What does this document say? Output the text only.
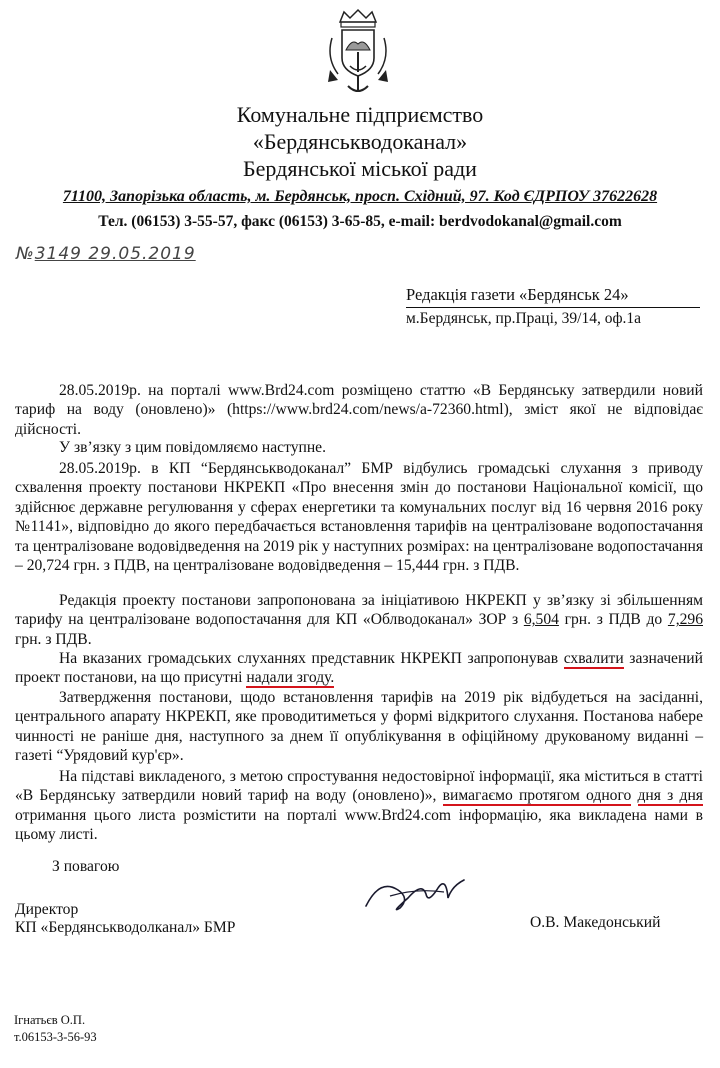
Комунальне підприємство
«Бердянськводоканал»
Бердянської міської ради
71100, Запорізька область, м. Бердянськ, просп. Східний, 97. Код ЄДРПОУ 37622628
Тел. (06153) 3-55-57, факс (06153) 3-65-85, e-mail: berdvodokanal@gmail.com
№3149 29.05.2019
Редакція газети «Бердянськ 24»
м.Бердянськ, пр.Праці, 39/14, оф.1а

28.05.2019р. на порталі www.Brd24.com розміщено статтю «В Бердянську затвердили новий тариф на воду (оновлено)» (https://www.brd24.com/news/a-72360.html), зміст якої не відповідає дійсності.

У зв’язку з цим повідомляємо наступне.

28.05.2019р. в КП “Бердянськводоканал” БМР відбулись громадські слухання з приводу схвалення проекту постанови НКРЕКП «Про внесення змін до постанови Національної комісії, що здійснює державне регулювання у сферах енергетики та комунальних послуг від 16 червня 2016 року №1141», відповідно до якого передбачається встановлення тарифів на централізоване водопостачання та централізоване водовідведення на 2019 рік у наступних розмірах: на централізоване водопостачання – 20,724 грн. з ПДВ, на централізоване водовідведення – 15,444 грн. з ПДВ.

Редакція проекту постанови запропонована за ініціативою НКРЕКП у зв’язку зі збільшенням тарифу на централізоване водопостачання для КП «Облводоканал» ЗОР з 6,504 грн. з ПДВ до 7,296 грн. з ПДВ.

На вказаних громадських слуханнях представник НКРЕКП запропонував схвалити зазначений проект постанови, на що присутні надали згоду.

Затвердження постанови, щодо встановлення тарифів на 2019 рік відбудеться на засіданні, центрального апарату НКРЕКП, яке проводитиметься у формі відкритого слухання. Постанова набере чинності не раніше дня, наступного за днем її опублікування в офіційному друкованому виданні – газеті “Урядовий кур'єр».

На підставі викладеного, з метою спростування недостовірної інформації, яка міститься в статті «В Бердянську затвердили новий тариф на воду (оновлено)», вимагаємо протягом одного дня з дня отримання цього листа розмістити на порталі www.Brd24.com інформацію, яка викладена нами в цьому листі.

З повагою
Директор
КП «Бердянськводолканал» БМР	О.В. Македонський
Ігнатьєв О.П.
т.06153-3-56-93
